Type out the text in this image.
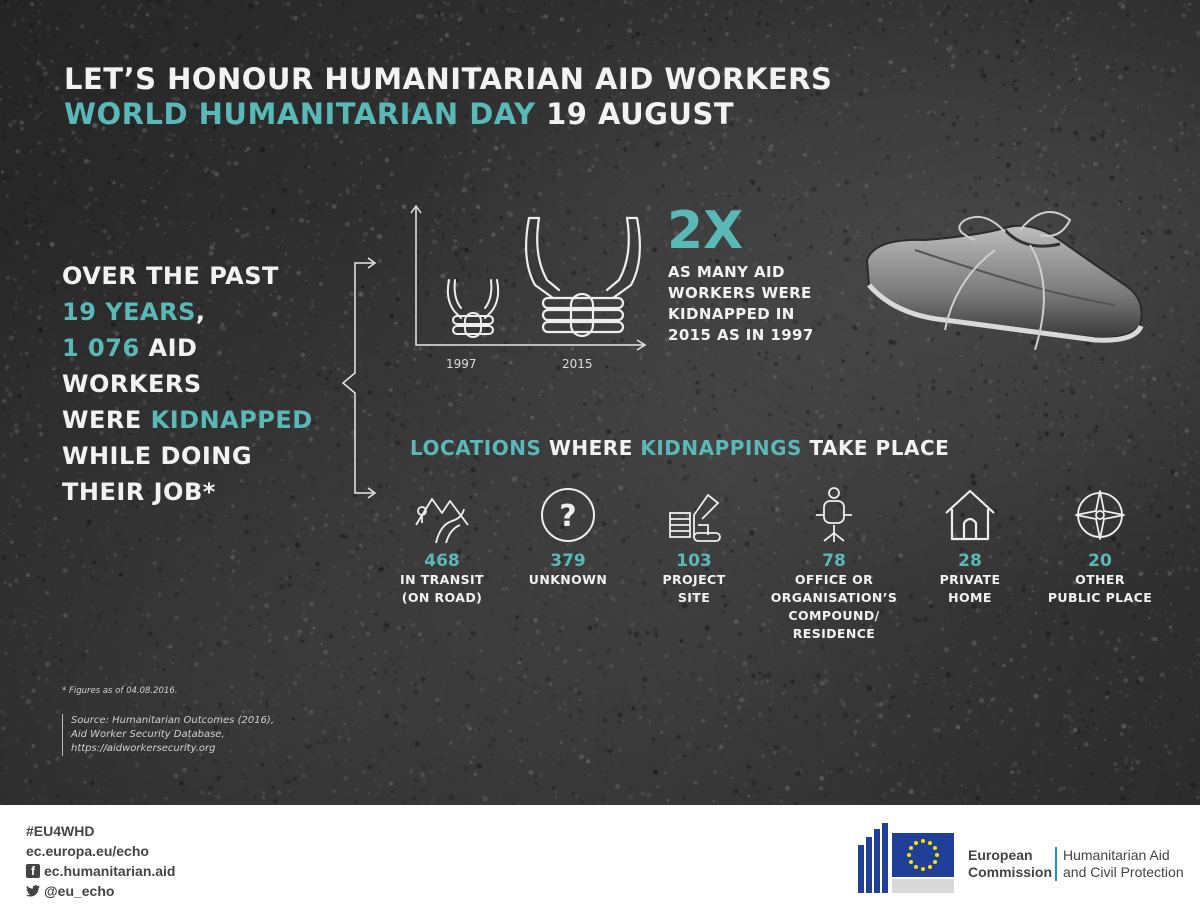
LET’S HONOUR HUMANITARIAN AID WORKERS
WORLD HUMANITARIAN DAY 19 AUGUST
OVER THE PAST
19 YEARS,
1 076 AID
WORKERS
WERE KIDNAPPED
WHILE DOING
THEIR JOB*
1997	2015
2X
AS MANY AID
WORKERS WERE
KIDNAPPED IN
2015 AS IN 1997
LOCATIONS WHERE KIDNAPPINGS TAKE PLACE
468
IN TRANSIT
(ON ROAD)
?
379
UNKNOWN
103
PROJECT
SITE
78
OFFICE OR
ORGANISATION’S
COMPOUND/
RESIDENCE
28
PRIVATE
HOME
20
OTHER
PUBLIC PLACE
* Figures as of 04.08.2016.
Source: Humanitarian Outcomes (2016),
Aid Worker Security Database,
https://aidworkersecurity.org
#EU4WHD
ec.europa.eu/echo
f ec.humanitarian.aid
@eu_echo
European
Commission
Humanitarian Aid
and Civil Protection
